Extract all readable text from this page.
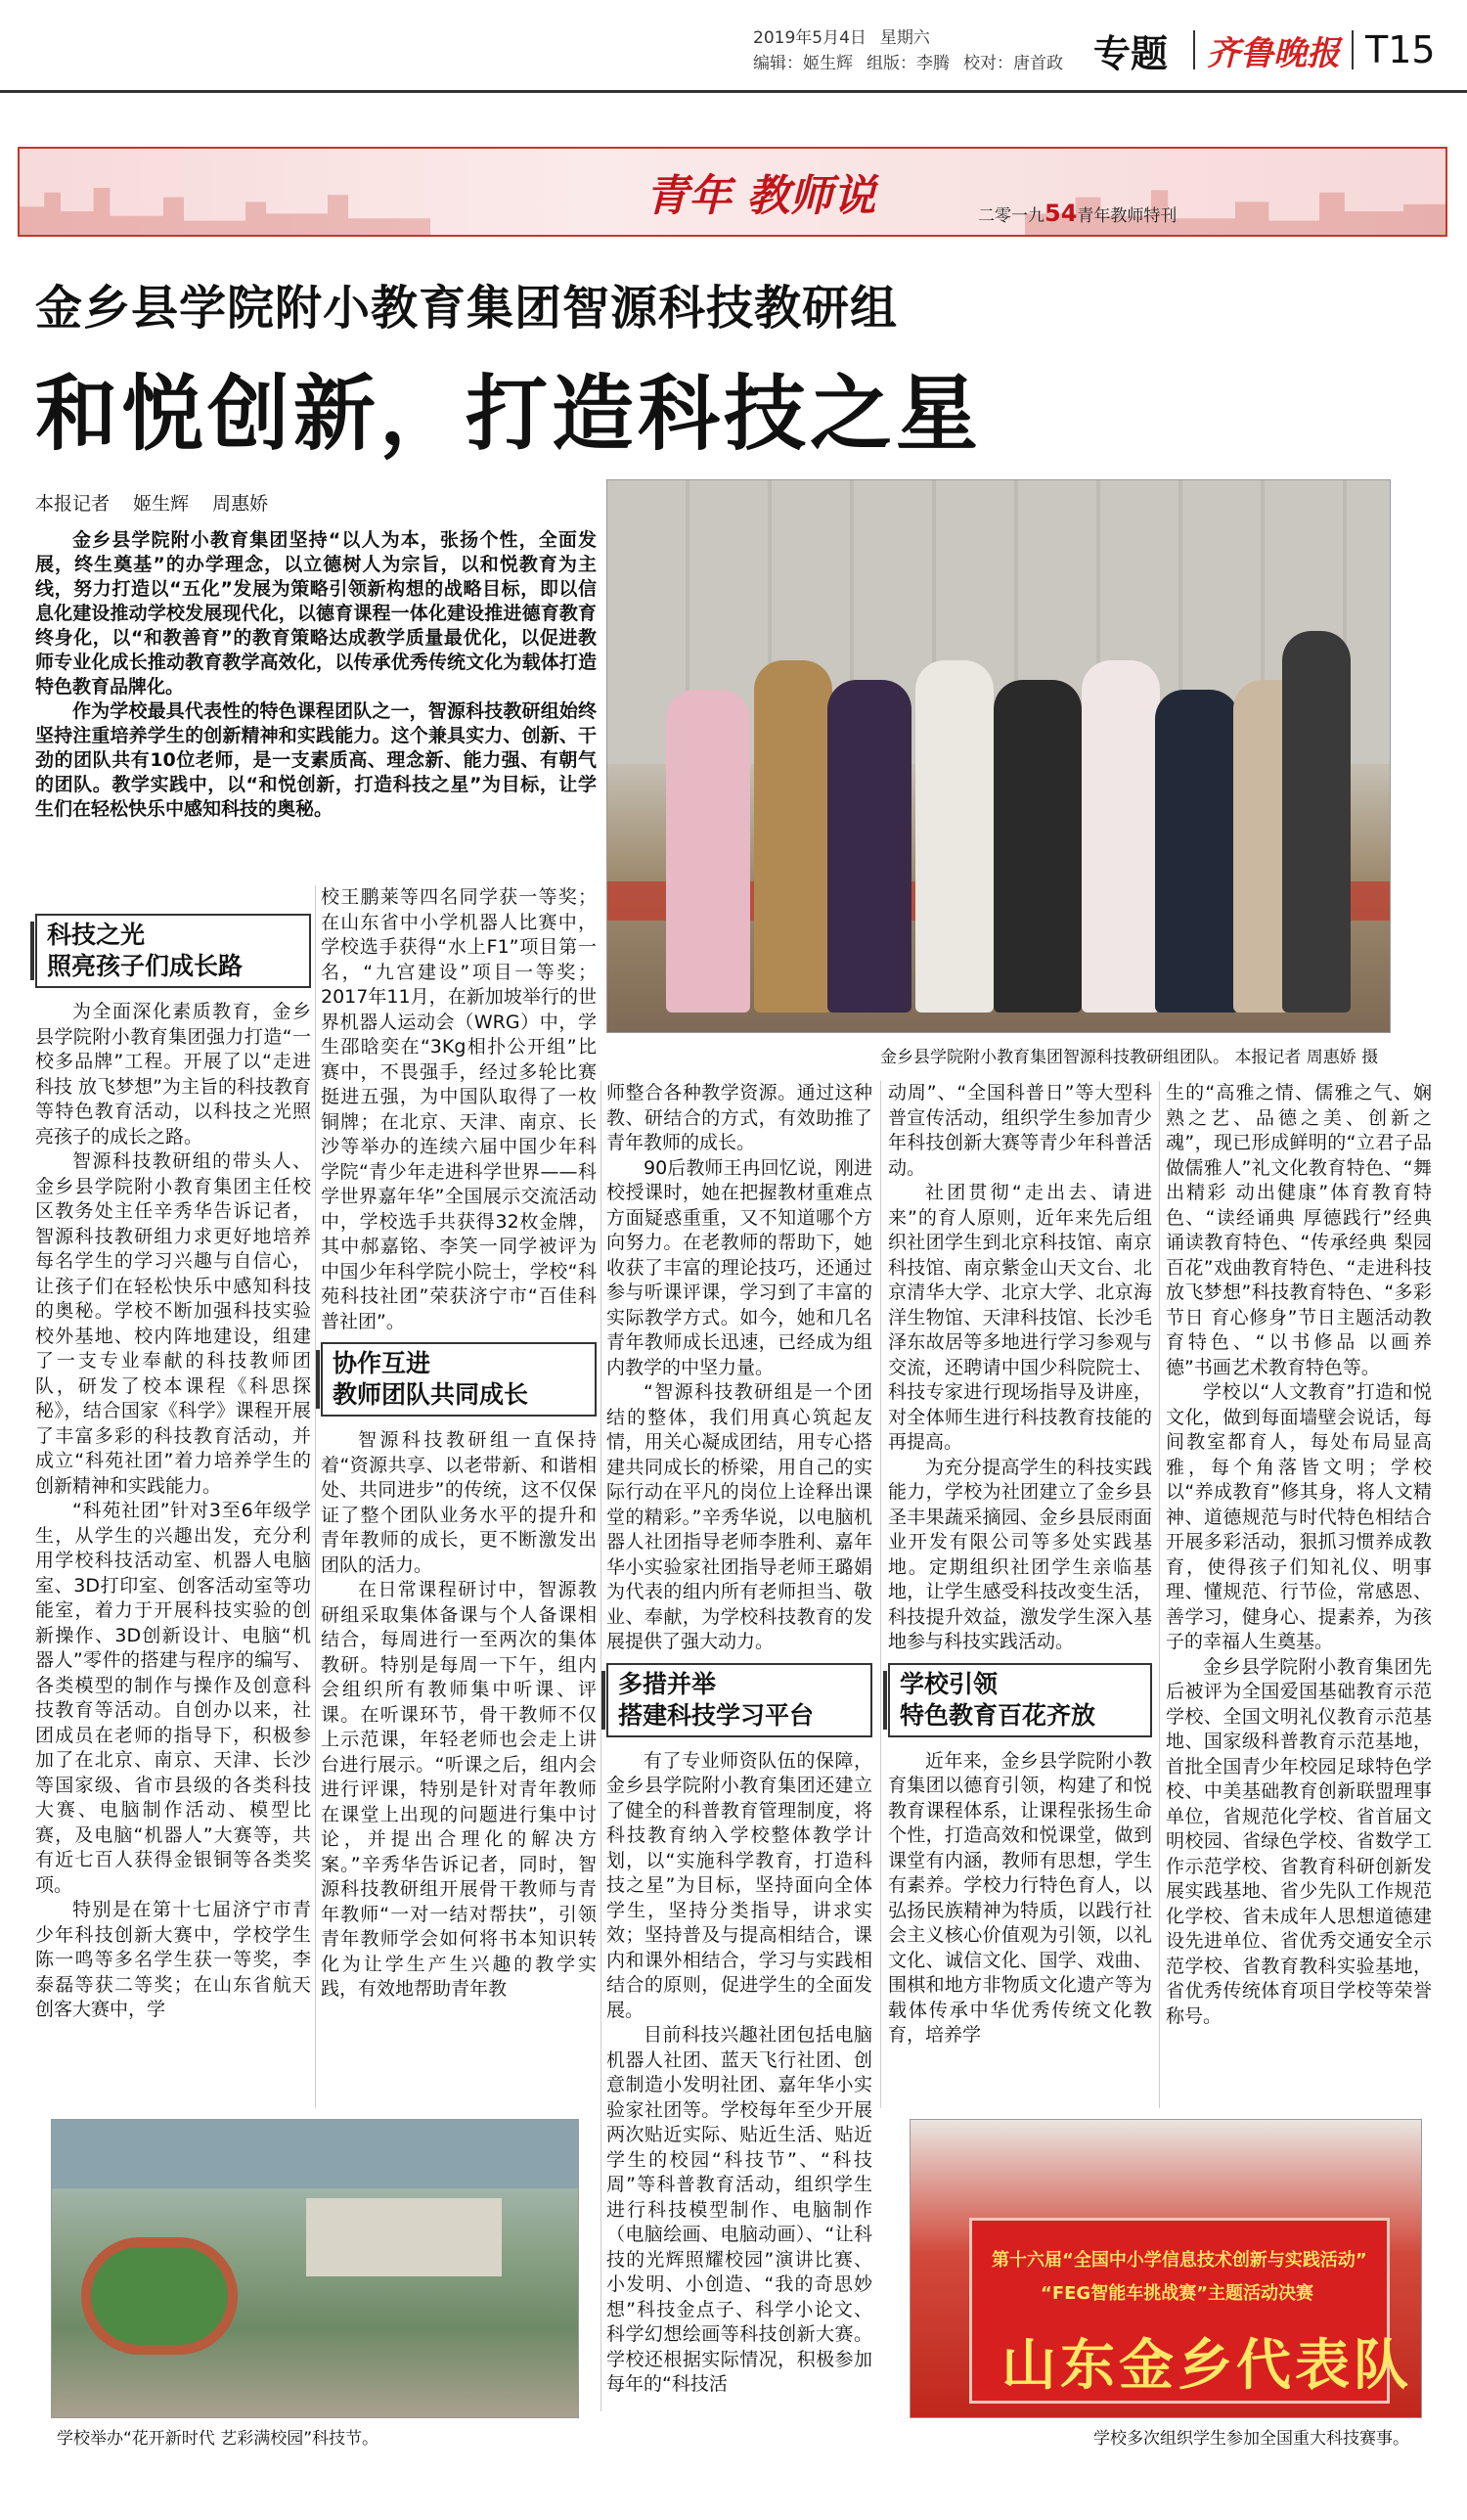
2019年5月4日 星期六
编辑：姬生辉 组版：李腾 校对：唐首政 专题 齐鲁晚报 T15
青年 教师说	二零一九54青年教师特刊
金乡县学院附小教育集团智源科技教研组
和悦创新，打造科技之星
本报记者 姬生辉 周惠娇

金乡县学院附小教育集团坚持“以人为本，张扬个性，全面发展，终生奠基”的办学理念，以立德树人为宗旨，以和悦教育为主线，努力打造以“五化”发展为策略引领新构想的战略目标，即以信息化建设推动学校发展现代化，以德育课程一体化建设推进德育教育终身化，以“和教善育”的教育策略达成教学质量最优化，以促进教师专业化成长推动教育教学高效化，以传承优秀传统文化为载体打造特色教育品牌化。

作为学校最具代表性的特色课程团队之一，智源科技教研组始终坚持注重培养学生的创新精神和实践能力。这个兼具实力、创新、干劲的团队共有10位老师，是一支素质高、理念新、能力强、有朝气的团队。教学实践中，以“和悦创新，打造科技之星”为目标，让学生们在轻松快乐中感知科技的奥秘。

金乡县学院附小教育集团智源科技教研组团队。 本报记者 周惠娇 摄
科技之光
照亮孩子们成长路

为全面深化素质教育，金乡县学院附小教育集团强力打造“一校多品牌”工程。开展了以“走进科技 放飞梦想”为主旨的科技教育等特色教育活动，以科技之光照亮孩子的成长之路。

智源科技教研组的带头人、金乡县学院附小教育集团主任校区教务处主任辛秀华告诉记者，智源科技教研组力求更好地培养每名学生的学习兴趣与自信心，让孩子们在轻松快乐中感知科技的奥秘。学校不断加强科技实验校外基地、校内阵地建设，组建了一支专业奉献的科技教师团队，研发了校本课程《科思探秘》，结合国家《科学》课程开展了丰富多彩的科技教育活动，并成立“科苑社团”着力培养学生的创新精神和实践能力。

“科苑社团”针对3至6年级学生，从学生的兴趣出发，充分利用学校科技活动室、机器人电脑室、3D打印室、创客活动室等功能室，着力于开展科技实验的创新操作、3D创新设计、电脑“机器人”零件的搭建与程序的编写、各类模型的制作与操作及创意科技教育等活动。自创办以来，社团成员在老师的指导下，积极参加了在北京、南京、天津、长沙等国家级、省市县级的各类科技大赛、电脑制作活动、模型比赛，及电脑“机器人”大赛等，共有近七百人获得金银铜等各类奖项。

特别是在第十七届济宁市青少年科技创新大赛中，学校学生陈一鸣等多名学生获一等奖，李泰磊等获二等奖；在山东省航天创客大赛中，学

校王鹏莱等四名同学获一等奖；在山东省中小学机器人比赛中，学校选手获得“水上F1”项目第一名，“九宫建设”项目一等奖；2017年11月，在新加坡举行的世界机器人运动会（WRG）中，学生邵晗奕在“3Kg相扑公开组”比赛中，不畏强手，经过多轮比赛挺进五强，为中国队取得了一枚铜牌；在北京、天津、南京、长沙等举办的连续六届中国少年科学院“青少年走进科学世界——科学世界嘉年华”全国展示交流活动中，学校选手共获得32枚金牌，其中郝嘉铭、李笑一同学被评为中国少年科学院小院士，学校“科苑科技社团”荣获济宁市“百佳科普社团”。

协作互进
教师团队共同成长

智源科技教研组一直保持着“资源共享、以老带新、和谐相处、共同进步”的传统，这不仅保证了整个团队业务水平的提升和青年教师的成长，更不断激发出团队的活力。

在日常课程研讨中，智源教研组采取集体备课与个人备课相结合，每周进行一至两次的集体教研。特别是每周一下午，组内会组织所有教师集中听课、评课。在听课环节，骨干教师不仅上示范课，年轻老师也会走上讲台进行展示。“听课之后，组内会进行评课，特别是针对青年教师在课堂上出现的问题进行集中讨论，并提出合理化的解决方案。”辛秀华告诉记者，同时，智源科技教研组开展骨干教师与青年教师“一对一结对帮扶”，引领青年教师学会如何将书本知识转化为让学生产生兴趣的教学实践，有效地帮助青年教

师整合各种教学资源。通过这种教、研结合的方式，有效助推了青年教师的成长。

90后教师王冉回忆说，刚进校授课时，她在把握教材重难点方面疑惑重重，又不知道哪个方向努力。在老教师的帮助下，她收获了丰富的理论技巧，还通过参与听课评课，学习到了丰富的实际教学方式。如今，她和几名青年教师成长迅速，已经成为组内教学的中坚力量。

“智源科技教研组是一个团结的整体，我们用真心筑起友情，用关心凝成团结，用专心搭建共同成长的桥梁，用自己的实际行动在平凡的岗位上诠释出课堂的精彩。”辛秀华说，以电脑机器人社团指导老师李胜利、嘉年华小实验家社团指导老师王璐娟为代表的组内所有老师担当、敬业、奉献，为学校科技教育的发展提供了强大动力。

多措并举
搭建科技学习平台

有了专业师资队伍的保障，金乡县学院附小教育集团还建立了健全的科普教育管理制度，将科技教育纳入学校整体教学计划，以“实施科学教育，打造科技之星”为目标，坚持面向全体学生，坚持分类指导，讲求实效；坚持普及与提高相结合，课内和课外相结合，学习与实践相结合的原则，促进学生的全面发展。

目前科技兴趣社团包括电脑机器人社团、蓝天飞行社团、创意制造小发明社团、嘉年华小实验家社团等。学校每年至少开展两次贴近实际、贴近生活、贴近学生的校园“科技节”、“科技周”等科普教育活动，组织学生进行科技模型制作、电脑制作（电脑绘画、电脑动画）、“让科技的光辉照耀校园”演讲比赛、小发明、小创造、“我的奇思妙想”科技金点子、科学小论文、科学幻想绘画等科技创新大赛。学校还根据实际情况，积极参加每年的“科技活

动周”、“全国科普日”等大型科普宣传活动，组织学生参加青少年科技创新大赛等青少年科普活动。

社团贯彻“走出去、请进来”的育人原则，近年来先后组织社团学生到北京科技馆、南京科技馆、南京紫金山天文台、北京清华大学、北京大学、北京海洋生物馆、天津科技馆、长沙毛泽东故居等多地进行学习参观与交流，还聘请中国少科院院士、科技专家进行现场指导及讲座，对全体师生进行科技教育技能的再提高。

为充分提高学生的科技实践能力，学校为社团建立了金乡县圣丰果蔬采摘园、金乡县辰雨面业开发有限公司等多处实践基地。定期组织社团学生亲临基地，让学生感受科技改变生活，科技提升效益，激发学生深入基地参与科技实践活动。

学校引领
特色教育百花齐放

近年来，金乡县学院附小教育集团以德育引领，构建了和悦教育课程体系，让课程张扬生命个性，打造高效和悦课堂，做到课堂有内涵，教师有思想，学生有素养。学校力行特色育人，以弘扬民族精神为特质，以践行社会主义核心价值观为引领，以礼文化、诚信文化、国学、戏曲、围棋和地方非物质文化遗产等为载体传承中华优秀传统文化教育，培养学

生的“高雅之情、儒雅之气、娴熟之艺、品德之美、创新之魂”，现已形成鲜明的“立君子品 做儒雅人”礼文化教育特色、“舞出精彩 动出健康”体育教育特色、“读经诵典 厚德践行”经典诵读教育特色、“传承经典 梨园百花”戏曲教育特色、“走进科技 放飞梦想”科技教育特色、“多彩节日 育心修身”节日主题活动教育特色、“以书修品 以画养德”书画艺术教育特色等。

学校以“人文教育”打造和悦文化，做到每面墙壁会说话，每间教室都育人，每处布局显高雅，每个角落皆文明；学校以“养成教育”修其身，将人文精神、道德规范与时代特色相结合开展多彩活动，狠抓习惯养成教育，使得孩子们知礼仪、明事理、懂规范、行节俭，常感恩、善学习，健身心、提素养，为孩子的幸福人生奠基。

金乡县学院附小教育集团先后被评为全国爱国基础教育示范学校、全国文明礼仪教育示范基地、国家级科普教育示范基地，首批全国青少年校园足球特色学校、中美基础教育创新联盟理事单位，省规范化学校、省首届文明校园、省绿色学校、省数学工作示范学校、省教育科研创新发展实践基地、省少先队工作规范化学校、省未成年人思想道德建设先进单位、省优秀交通安全示范学校、省教育教科实验基地，省优秀传统体育项目学校等荣誉称号。

学校举办“花开新时代 艺彩满校园”科技节。
第十六届“全国中小学信息技术创新与实践活动”
“FEG智能车挑战赛”主题活动决赛
山东金乡代表队
学校多次组织学生参加全国重大科技赛事。
